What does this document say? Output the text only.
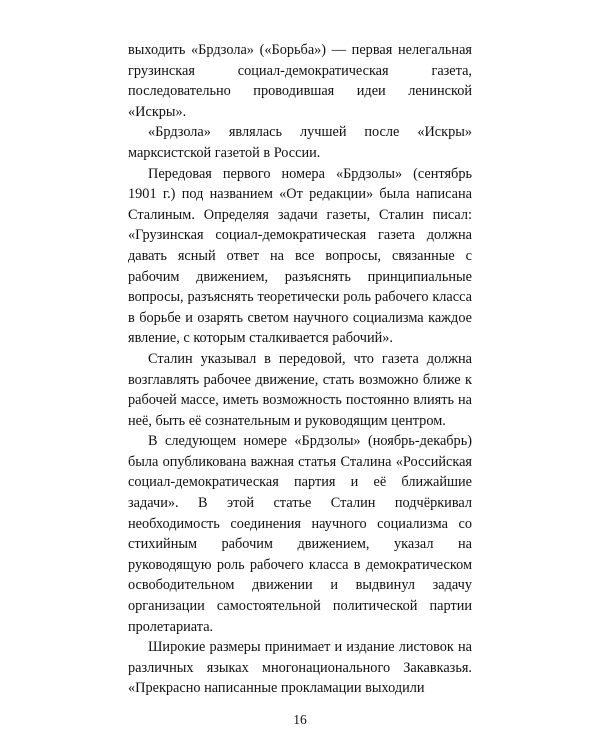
выходить «Брдзола» («Борьба») — первая нелегальная грузинская социал-демократическая газета, последовательно проводившая идеи ленинской «Искры».

«Брдзола» являлась лучшей после «Искры» марксистской газетой в России.

Передовая первого номера «Брдзолы» (сентябрь 1901 г.) под названием «От редакции» была написана Сталиным. Определяя задачи газеты, Сталин писал: «Грузинская социал-демократическая газета должна давать ясный ответ на все вопросы, связанные с рабочим движением, разъяснять принципиальные вопросы, разъяснять теоретически роль рабочего класса в борьбе и озарять светом научного социализма каждое явление, с которым сталкивается рабочий».

Сталин указывал в передовой, что газета должна возглавлять рабочее движение, стать возможно ближе к рабочей массе, иметь возможность постоянно влиять на неё, быть её сознательным и руководящим центром.

В следующем номере «Брдзолы» (ноябрь-декабрь) была опубликована важная статья Сталина «Российская социал-демократическая партия и её ближайшие задачи». В этой статье Сталин подчёркивал необходимость соединения научного социализма со стихийным рабочим движением, указал на руководящую роль рабочего класса в демократическом освободительном движении и выдвинул задачу организации самостоятельной политической партии пролетариата.

Широкие размеры принимает и издание листовок на различных языках многонационального Закавказья. «Прекрасно написанные прокламации выходили

16
